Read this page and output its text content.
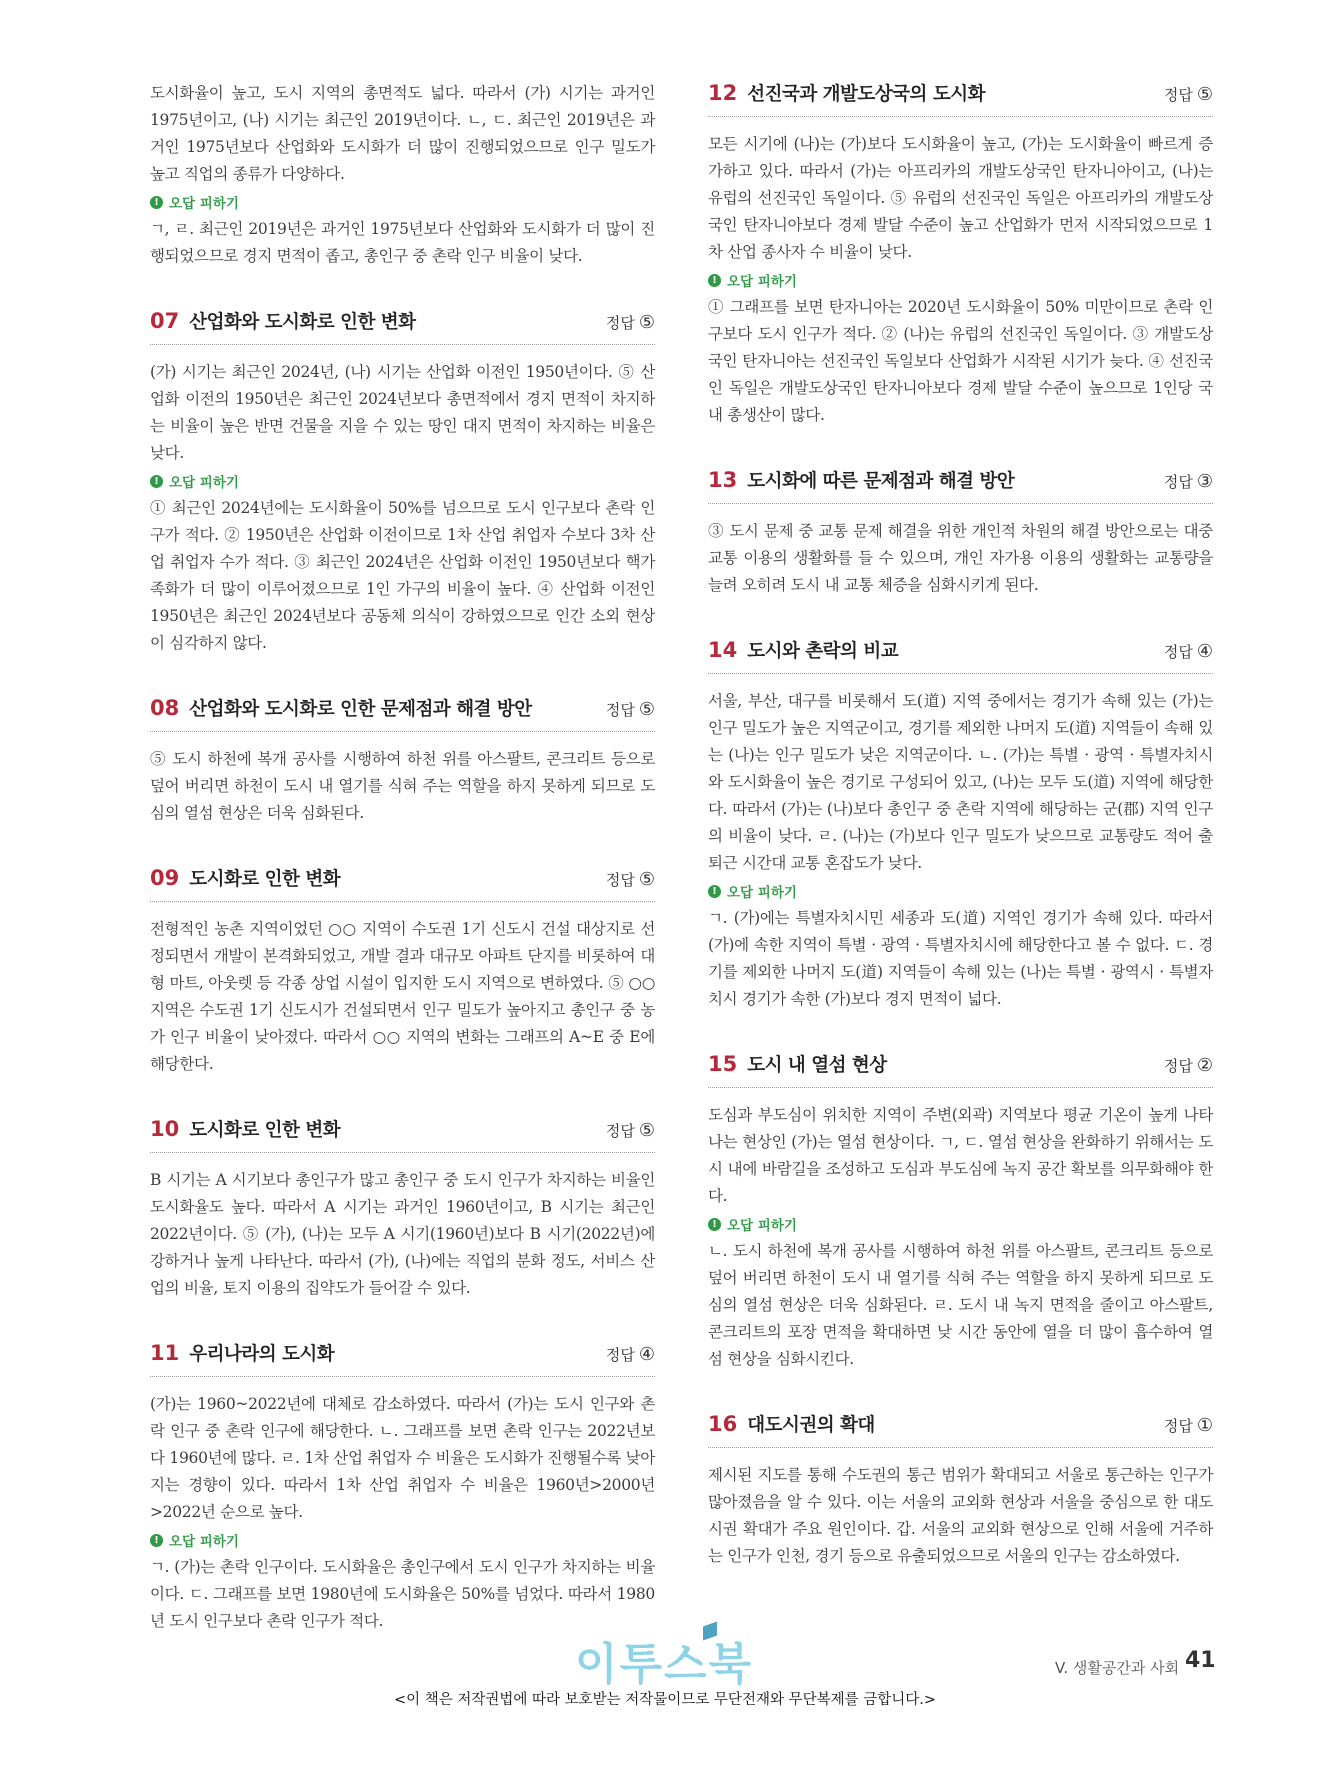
도시화율이 높고, 도시 지역의 총면적도 넓다. 따라서 (가) 시기는 과거인 1975년이고, (나) 시기는 최근인 2019년이다. ㄴ, ㄷ. 최근인 2019년은 과거인 1975년보다 산업화와 도시화가 더 많이 진행되었으므로 인구 밀도가 높고 직업의 종류가 다양하다.

! 오답 피하기

ㄱ, ㄹ. 최근인 2019년은 과거인 1975년보다 산업화와 도시화가 더 많이 진행되었으므로 경지 면적이 좁고, 총인구 중 촌락 인구 비율이 낮다.

07 산업화와 도시화로 인한 변화	정답 ⑤

(가) 시기는 최근인 2024년, (나) 시기는 산업화 이전인 1950년이다. ⑤ 산업화 이전의 1950년은 최근인 2024년보다 총면적에서 경지 면적이 차지하는 비율이 높은 반면 건물을 지을 수 있는 땅인 대지 면적이 차지하는 비율은 낮다.

! 오답 피하기

① 최근인 2024년에는 도시화율이 50%를 넘으므로 도시 인구보다 촌락 인구가 적다. ② 1950년은 산업화 이전이므로 1차 산업 취업자 수보다 3차 산업 취업자 수가 적다. ③ 최근인 2024년은 산업화 이전인 1950년보다 핵가족화가 더 많이 이루어졌으므로 1인 가구의 비율이 높다. ④ 산업화 이전인 1950년은 최근인 2024년보다 공동체 의식이 강하였으므로 인간 소외 현상이 심각하지 않다.

08 산업화와 도시화로 인한 문제점과 해결 방안	정답 ⑤

⑤ 도시 하천에 복개 공사를 시행하여 하천 위를 아스팔트, 콘크리트 등으로 덮어 버리면 하천이 도시 내 열기를 식혀 주는 역할을 하지 못하게 되므로 도심의 열섬 현상은 더욱 심화된다.

09 도시화로 인한 변화	정답 ⑤

전형적인 농촌 지역이었던 ○○ 지역이 수도권 1기 신도시 건설 대상지로 선정되면서 개발이 본격화되었고, 개발 결과 대규모 아파트 단지를 비롯하여 대형 마트, 아웃렛 등 각종 상업 시설이 입지한 도시 지역으로 변하였다. ⑤ ○○ 지역은 수도권 1기 신도시가 건설되면서 인구 밀도가 높아지고 총인구 중 농가 인구 비율이 낮아졌다. 따라서 ○○ 지역의 변화는 그래프의 A~E 중 E에 해당한다.

10 도시화로 인한 변화	정답 ⑤

B 시기는 A 시기보다 총인구가 많고 총인구 중 도시 인구가 차지하는 비율인 도시화율도 높다. 따라서 A 시기는 과거인 1960년이고, B 시기는 최근인 2022년이다. ⑤ (가), (나)는 모두 A 시기(1960년)보다 B 시기(2022년)에 강하거나 높게 나타난다. 따라서 (가), (나)에는 직업의 분화 정도, 서비스 산업의 비율, 토지 이용의 집약도가 들어갈 수 있다.

11 우리나라의 도시화	정답 ④

(가)는 1960~2022년에 대체로 감소하였다. 따라서 (가)는 도시 인구와 촌락 인구 중 촌락 인구에 해당한다. ㄴ. 그래프를 보면 촌락 인구는 2022년보다 1960년에 많다. ㄹ. 1차 산업 취업자 수 비율은 도시화가 진행될수록 낮아지는 경향이 있다. 따라서 1차 산업 취업자 수 비율은 1960년>2000년>2022년 순으로 높다.

! 오답 피하기

ㄱ. (가)는 촌락 인구이다. 도시화율은 총인구에서 도시 인구가 차지하는 비율이다. ㄷ. 그래프를 보면 1980년에 도시화율은 50%를 넘었다. 따라서 1980년 도시 인구보다 촌락 인구가 적다.

12 선진국과 개발도상국의 도시화	정답 ⑤

모든 시기에 (나)는 (가)보다 도시화율이 높고, (가)는 도시화율이 빠르게 증가하고 있다. 따라서 (가)는 아프리카의 개발도상국인 탄자니아이고, (나)는 유럽의 선진국인 독일이다. ⑤ 유럽의 선진국인 독일은 아프리카의 개발도상국인 탄자니아보다 경제 발달 수준이 높고 산업화가 먼저 시작되었으므로 1차 산업 종사자 수 비율이 낮다.

! 오답 피하기

① 그래프를 보면 탄자니아는 2020년 도시화율이 50% 미만이므로 촌락 인구보다 도시 인구가 적다. ② (나)는 유럽의 선진국인 독일이다. ③ 개발도상국인 탄자니아는 선진국인 독일보다 산업화가 시작된 시기가 늦다. ④ 선진국인 독일은 개발도상국인 탄자니아보다 경제 발달 수준이 높으므로 1인당 국내 총생산이 많다.

13 도시화에 따른 문제점과 해결 방안	정답 ③

③ 도시 문제 중 교통 문제 해결을 위한 개인적 차원의 해결 방안으로는 대중교통 이용의 생활화를 들 수 있으며, 개인 자가용 이용의 생활화는 교통량을 늘려 오히려 도시 내 교통 체증을 심화시키게 된다.

14 도시와 촌락의 비교	정답 ④

서울, 부산, 대구를 비롯해서 도(道) 지역 중에서는 경기가 속해 있는 (가)는 인구 밀도가 높은 지역군이고, 경기를 제외한 나머지 도(道) 지역들이 속해 있는 (나)는 인구 밀도가 낮은 지역군이다. ㄴ. (가)는 특별 · 광역 · 특별자치시와 도시화율이 높은 경기로 구성되어 있고, (나)는 모두 도(道) 지역에 해당한다. 따라서 (가)는 (나)보다 총인구 중 촌락 지역에 해당하는 군(郡) 지역 인구의 비율이 낮다. ㄹ. (나)는 (가)보다 인구 밀도가 낮으므로 교통량도 적어 출퇴근 시간대 교통 혼잡도가 낮다.

! 오답 피하기

ㄱ. (가)에는 특별자치시민 세종과 도(道) 지역인 경기가 속해 있다. 따라서 (가)에 속한 지역이 특별 · 광역 · 특별자치시에 해당한다고 볼 수 없다. ㄷ. 경기를 제외한 나머지 도(道) 지역들이 속해 있는 (나)는 특별 · 광역시 · 특별자치시 경기가 속한 (가)보다 경지 면적이 넓다.

15 도시 내 열섬 현상	정답 ②

도심과 부도심이 위치한 지역이 주변(외곽) 지역보다 평균 기온이 높게 나타나는 현상인 (가)는 열섬 현상이다. ㄱ, ㄷ. 열섬 현상을 완화하기 위해서는 도시 내에 바람길을 조성하고 도심과 부도심에 녹지 공간 확보를 의무화해야 한다.

! 오답 피하기

ㄴ. 도시 하천에 복개 공사를 시행하여 하천 위를 아스팔트, 콘크리트 등으로 덮어 버리면 하천이 도시 내 열기를 식혀 주는 역할을 하지 못하게 되므로 도심의 열섬 현상은 더욱 심화된다. ㄹ. 도시 내 녹지 면적을 줄이고 아스팔트, 콘크리트의 포장 면적을 확대하면 낮 시간 동안에 열을 더 많이 흡수하여 열섬 현상을 심화시킨다.

16 대도시권의 확대	정답 ①

제시된 지도를 통해 수도권의 통근 범위가 확대되고 서울로 통근하는 인구가 많아졌음을 알 수 있다. 이는 서울의 교외화 현상과 서울을 중심으로 한 대도시권 확대가 주요 원인이다. 갑. 서울의 교외화 현상으로 인해 서울에 거주하는 인구가 인천, 경기 등으로 유출되었으므로 서울의 인구는 감소하였다.

이투스북	V. 생활공간과 사회 41
<이 책은 저작권법에 따라 보호받는 저작물이므로 무단전재와 무단복제를 금합니다.>
